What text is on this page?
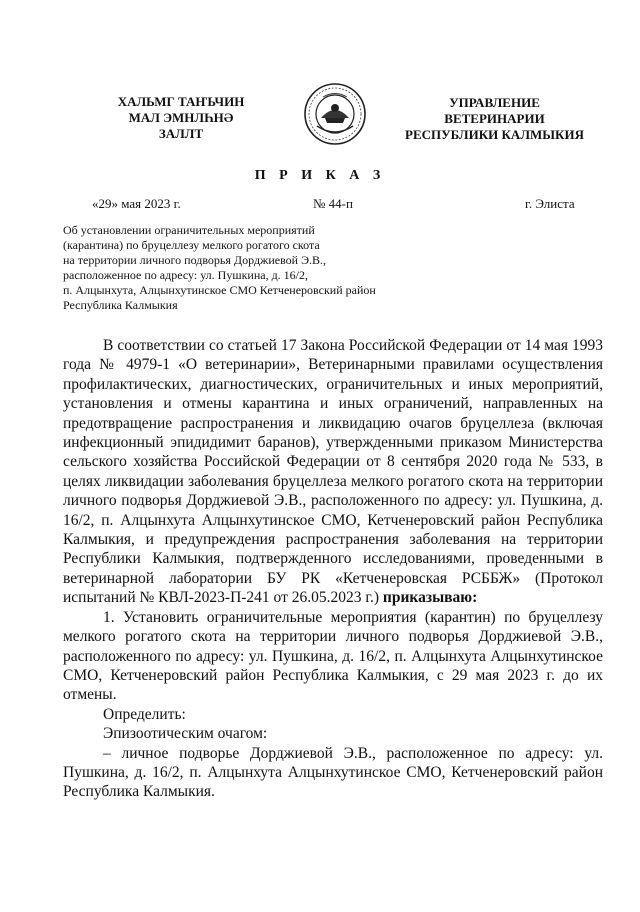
ХАЛЬМГ ТАҤЬЧИН
МАЛ ЭМНЛҺНӘ
ЗАЛЛТ
УПРАВЛЕНИЕ
ВЕТЕРИНАРИИ
РЕСПУБЛИКИ КАЛМЫКИЯ
П Р И К А З
«29» мая 2023 г.	№ 44-п	г. Элиста
Об установлении ограничительных мероприятий
(карантина) по бруцеллезу мелкого рогатого скота
на территории личного подворья Дорджиевой Э.В.,
расположенное по адресу: ул. Пушкина, д. 16/2,
п. Алцынхута, Алцынхутинское СМО Кетченеровский район
Республика Калмыкия

В соответствии со статьей 17 Закона Российской Федерации от 14 мая 1993 года № 4979-1 «О ветеринарии», Ветеринарными правилами осуществления профилактических, диагностических, ограничительных и иных мероприятий, установления и отмены карантина и иных ограничений, направленных на предотвращение распространения и ликвидацию очагов бруцеллеза (включая инфекционный эпидидимит баранов), утвержденными приказом Министерства сельского хозяйства Российской Федерации от 8 сентября 2020 года № 533, в целях ликвидации заболевания бруцеллеза мелкого рогатого скота на территории личного подворья Дорджиевой Э.В., расположенного по адресу: ул. Пушкина, д. 16/2, п. Алцынхута Алцынхутинское СМО, Кетченеровский район Республика Калмыкия, и предупреждения распространения заболевания на территории Республики Калмыкия, подтвержденного исследованиями, проведенными в ветеринарной лаборатории БУ РК «Кетченеровская РСББЖ» (Протокол испытаний № КВЛ-2023-П-241 от 26.05.2023 г.) приказываю:

1. Установить ограничительные мероприятия (карантин) по бруцеллезу мелкого рогатого скота на территории личного подворья Дорджиевой Э.В., расположенного по адресу: ул. Пушкина, д. 16/2, п. Алцынхута Алцынхутинское СМО, Кетченеровский район Республика Калмыкия, с 29 мая 2023 г. до их отмены.

Определить:

Эпизоотическим очагом:

– личное подворье Дорджиевой Э.В., расположенное по адресу: ул. Пушкина, д. 16/2, п. Алцынхута Алцынхутинское СМО, Кетченеровский район Республика Калмыкия.
